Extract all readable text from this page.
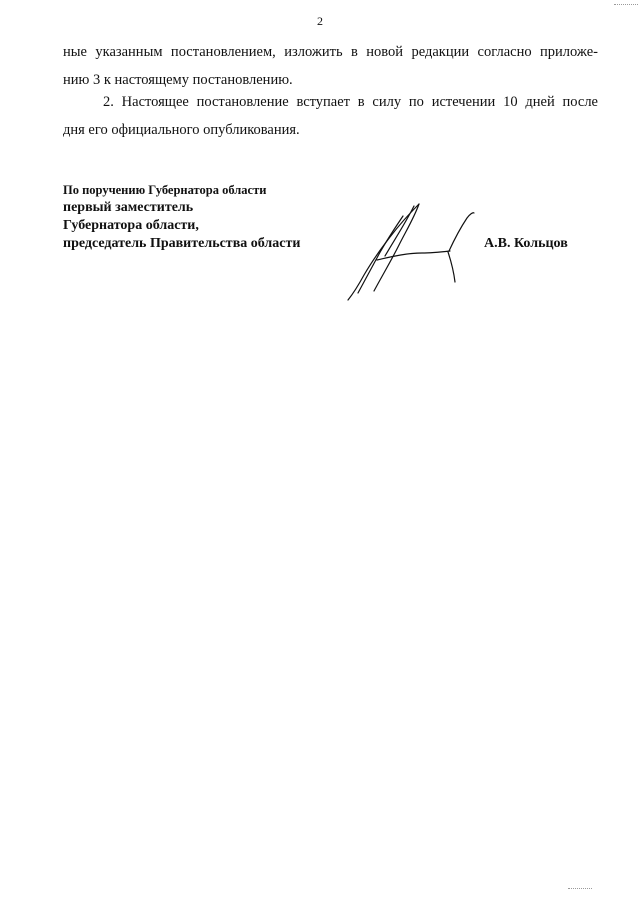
2
ные указанным постановлением, изложить в новой редакции согласно приложе-
нию 3 к настоящему постановлению.
2. Настоящее постановление вступает в силу по истечении 10 дней после
дня его официального опубликования.
По поручению Губернатора области
первый заместитель
Губернатора области,
председатель Правительства области	А.В. Кольцов
